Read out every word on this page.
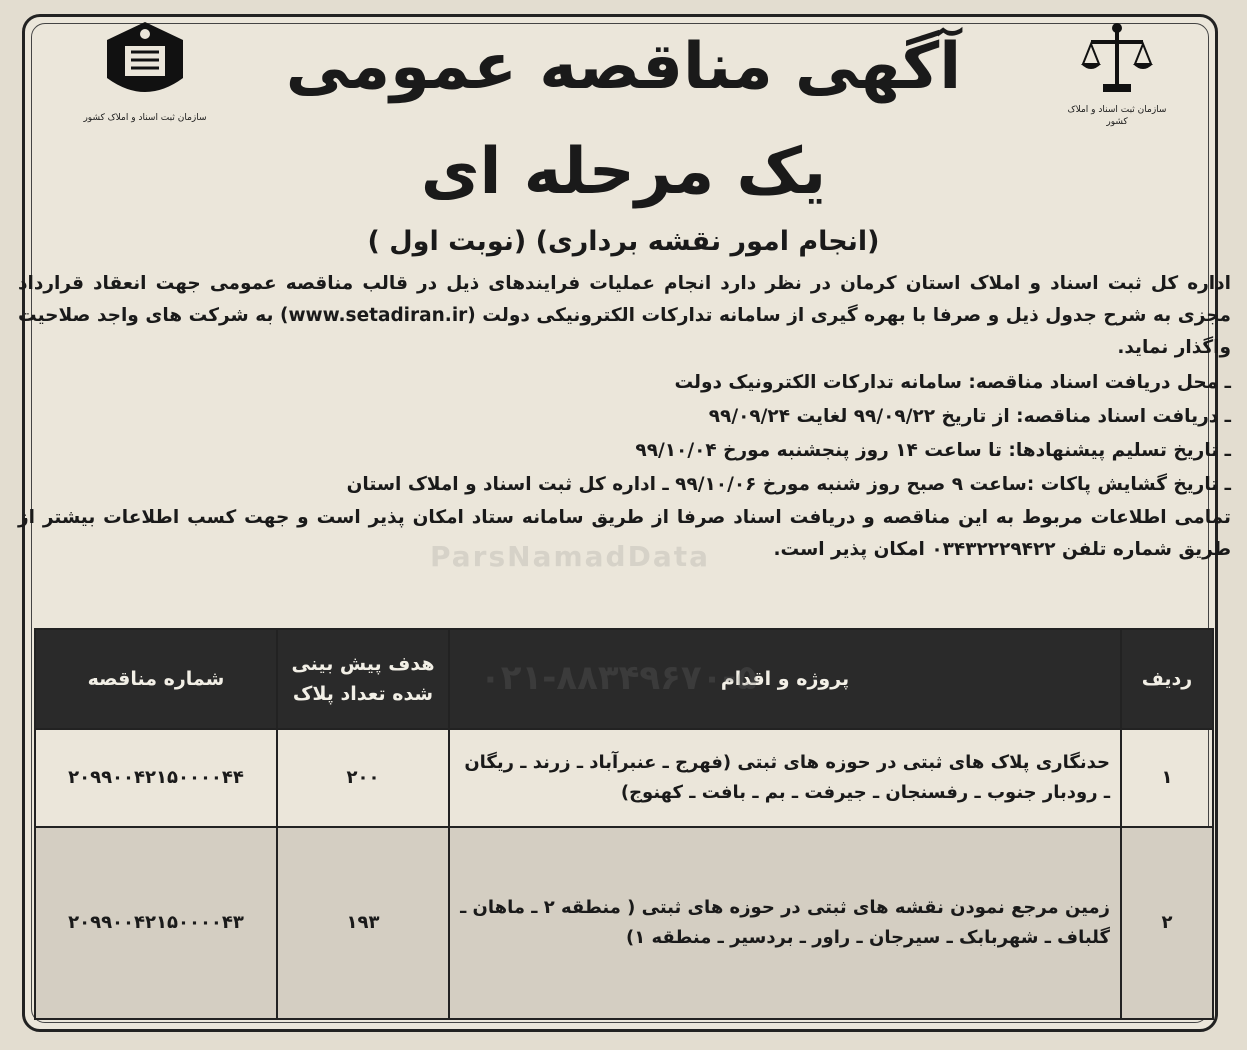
سازمان ثبت اسناد و املاک کشور
سازمان ثبت اسناد و املاک کشور
آگهی مناقصه عمومی
یک مرحله ای
(انجام امور نقشه برداری) (نوبت اول )

اداره کل ثبت اسناد و املاک استان کرمان در نظر دارد انجام عملیات فرایندهای ذیل در قالب مناقصه عمومی جهت انعقاد قرارداد مجزی به شرح جدول ذیل و صرفا با بهره گیری از سامانه تدارکات الکترونیکی دولت (www.setadiran.ir) به شرکت های واجد صلاحیت واگذار نماید.

ـ محل دریافت اسناد مناقصه: سامانه تدارکات الکترونیک دولت
ـ دریافت اسناد مناقصه: از تاریخ ۹۹/۰۹/۲۲ لغایت ۹۹/۰۹/۲۴
ـ تاریخ تسلیم پیشنهادها: تا ساعت ۱۴ روز پنجشنبه مورخ ۹۹/۱۰/۰۴
ـ تاریخ گشایش پاکات :ساعت ۹ صبح روز شنبه مورخ ۹۹/۱۰/۰۶ ـ اداره کل ثبت اسناد و املاک استان

تمامی اطلاعات مربوط به این مناقصه و دریافت اسناد صرفا از طریق سامانه ستاد امکان پذیر است و جهت کسب اطلاعات بیشتر از طریق شماره تلفن ۰۳۴۳۲۲۲۹۴۲۲ امکان پذیر است.

ParsNamadData
ردیف	پروژه و اقدام	هدف پیش بینی شده تعداد پلاک	شماره مناقصه
۱	حدنگاری پلاک های ثبتی در حوزه های ثبتی (فهرج ـ عنبرآباد ـ زرند ـ ریگان ـ رودبار جنوب ـ رفسنجان ـ جیرفت ـ بم ـ بافت ـ کهنوج)	۲۰۰	۲۰۹۹۰۰۴۲۱۵۰۰۰۰۴۴
۲	زمین مرجع نمودن نقشه های ثبتی در حوزه های ثبتی ( منطقه ۲ ـ ماهان ـ گلباف ـ شهربابک ـ سیرجان ـ راور ـ بردسیر ـ منطقه ۱)	۱۹۳	۲۰۹۹۰۰۴۲۱۵۰۰۰۰۴۳
۰۲۱-۸۸۳۴۹۶۷۰-۵
